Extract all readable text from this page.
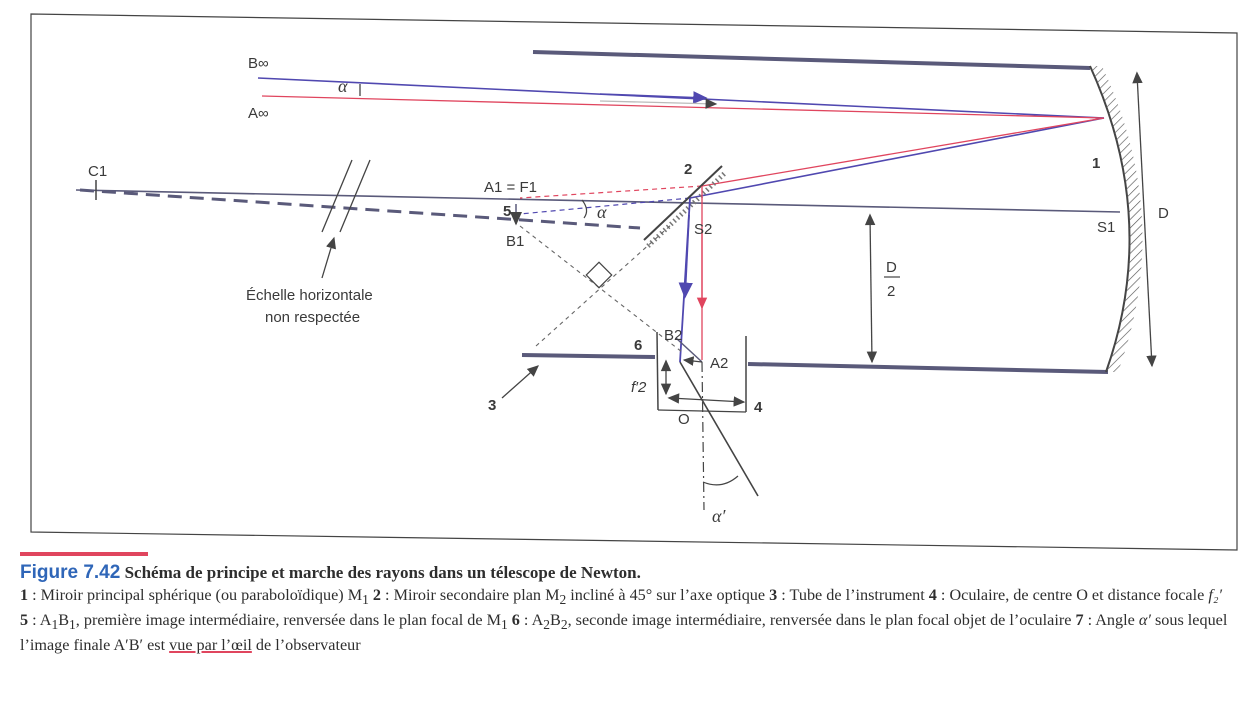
B∞
A∞
α
C1
A1 = F1
5
B1
α
2
S2
1
S1
D
D
2
Échelle horizontale
non respectée
6
B2
A2
f′2
O
4
3
α′
Figure 7.42 Schéma de principe et marche des rayons dans un télescope de Newton.
1 : Miroir principal sphérique (ou paraboloïdique) $M_1$ 2 : Miroir secondaire plan $M_2$ incliné à 45° sur l’axe optique 3 : Tube de l’instrument 4 : Oculaire, de centre O et distance focale f₂′  5 : $A_1B_1$, première image intermédiaire, renversée dans le plan focal de $M_1$ 6 : $A_2B_2$, seconde image intermédiaire, renversée dans le plan focal objet de l’oculaire 7 : Angle α′ sous lequel l’image finale A′B′ est vue par l’œil de l’observateur
